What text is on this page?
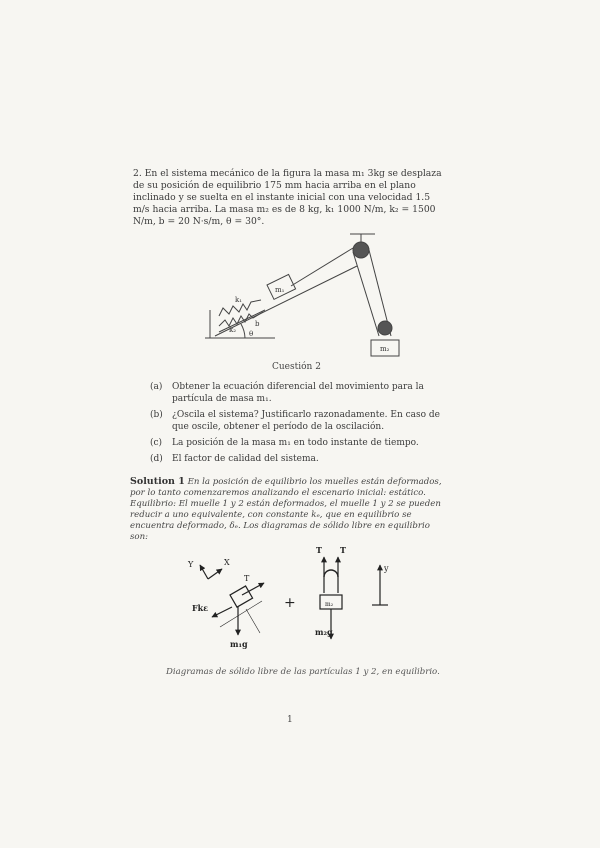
2. En el sistema mecánico de la figura la masa m₁ 3kg se desplaza de su posición de equilibrio 175 mm hacia arriba en el plano inclinado y se suelta en el instante inicial con una velocidad 1.5 m/s hacia arriba. La masa m₂ es de 8 kg, k₁ 1000 N/m, k₂ = 1500 N/m, b = 20 N·s/m, θ = 30°.
k₁
k₂
m₁
m₂
b
θ
Cuestión 2
(a) Obtener la ecuación diferencial del movimiento para la partícula de masa m₁.
(b) ¿Oscila el sistema? Justificarlo razonadamente. En caso de que oscile, obtener el período de la oscilación.
(c) La posición de la masa m₁ en todo instante de tiempo.
(d) El factor de calidad del sistema.
Solution 1 En la posición de equilibrio los muelles están deformados, por lo tanto comenzaremos analizando el escenario inicial: estático. Equilibrio: El muelle 1 y 2 están deformados, el muelle 1 y 2 se pueden reducir a uno equivalente, con constante kₑ, que en equilibrio se encuentra deformado, δₑ. Los diagramas de sólido libre en equilibrio son:
Y	X
T
Fkε
m₁g
+
T T
m₂
m₂g
y
Diagramas de sólido libre de las partículas 1 y 2, en equilibrio.
1
